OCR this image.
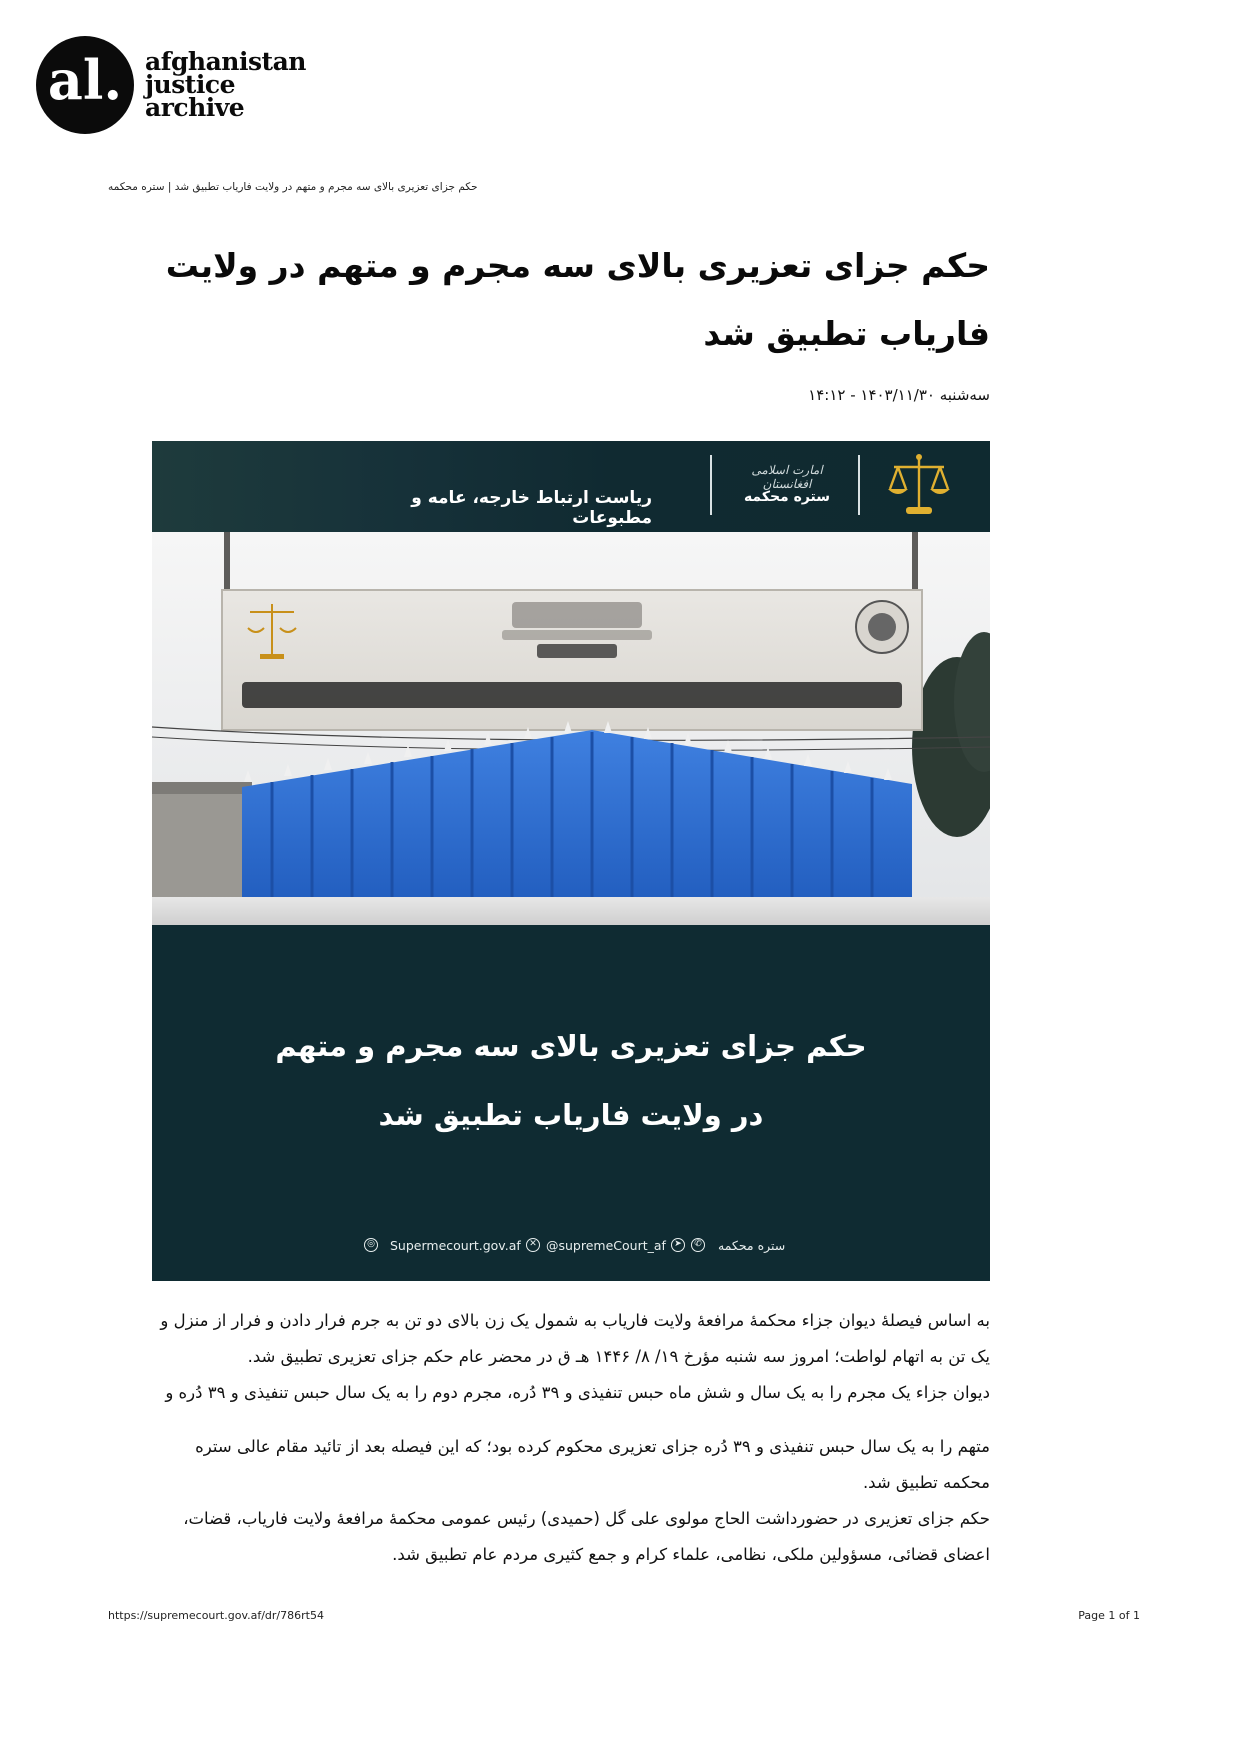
al. afghanistan
justice
archive
حکم جزای تعزیری بالای سه مجرم و متهم در ولایت فاریاب تطبیق شد | ستره محکمه
حکم جزای تعزیری بالای سه مجرم و متهم در ولایت
فاریاب تطبیق شد
سه‌شنبه ۱۴۰۳/۱۱/۳۰ - ۱۴:۱۲
امارت اسلامی افغانستان
ستره محکمه
ریاست ارتباط خارجه، عامه و مطبوعات
حکم جزای تعزیری بالای سه مجرم و متهم
در ولایت فاریاب تطبیق شد
◎ Supermecourt.gov.af ✕ @supremeCourt_af ➤	✆ ستره محکمه
به اساس فیصلهٔ دیوان جزاء محکمهٔ مرافعهٔ ولایت فاریاب به شمول یک زن بالای دو تن به جرم فرار دادن و فرار از منزل و
یک تن به اتهام لواطت؛ امروز سه شنبه مؤرخ ۱۹/ ۸/ ۱۴۴۶ هـ ق در محضر عام حکم جزای تعزیری تطبیق شد.
دیوان جزاء یک مجرم را به یک سال و شش ماه حبس تنفیذی و ۳۹ دُره، مجرم دوم را به یک سال حبس تنفیذی و ۳۹ دُره و
متهم را به یک سال حبس تنفیذی و ۳۹ دُره جزای تعزیری محکوم کرده بود؛ که این فیصله بعد از تائید مقام عالی ستره
محکمه تطبیق شد.
حکم جزای تعزیری در حضورداشت الحاج مولوی علی گل (حمیدی) رئیس عمومی محکمهٔ مرافعهٔ ولایت فاریاب، قضات،
اعضای قضائی، مسؤولین ملکی، نظامی، علماء کرام و جمع کثیری مردم عام تطبیق شد.
https://supremecourt.gov.af/dr/786rt54	Page 1 of 1
